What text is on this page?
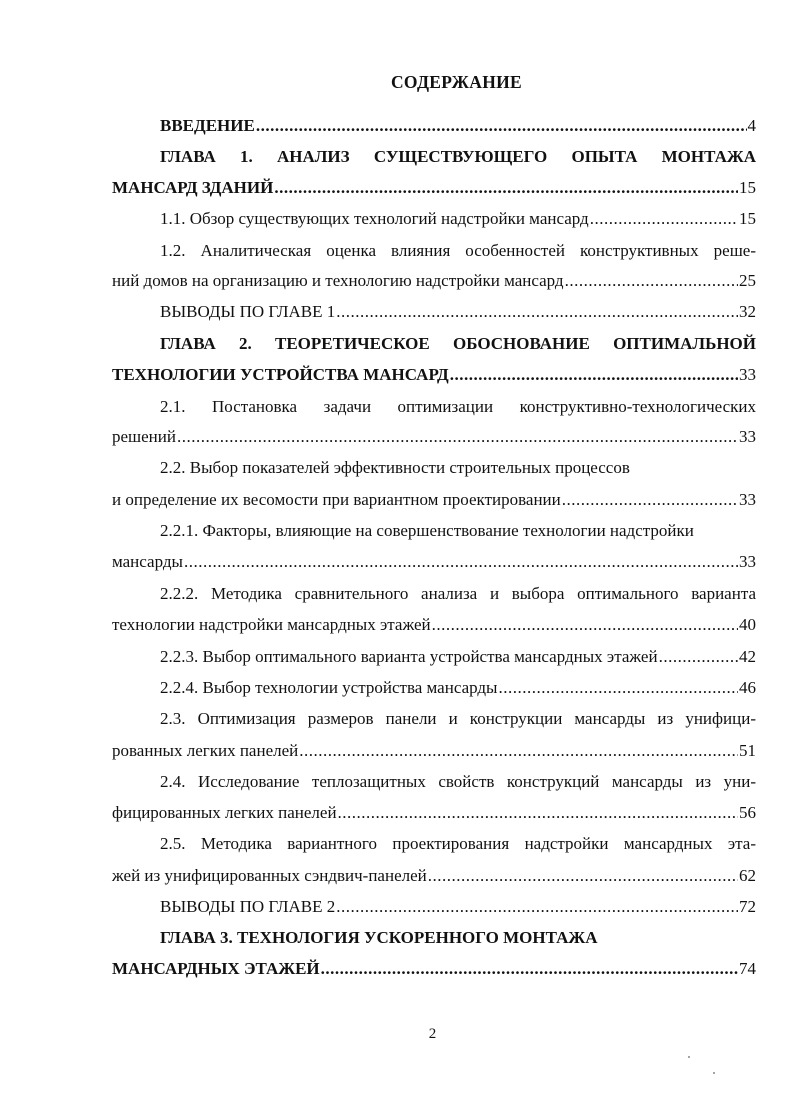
СОДЕРЖАНИЕ
ВВЕДЕНИЕ .....	4
ГЛАВА 1. АНАЛИЗ СУЩЕСТВУЮЩЕГО ОПЫТА МОНТАЖА
МАНСАРД ЗДАНИЙ .....	15
1.1. Обзор существующих технологий надстройки мансард .....	15
1.2. Аналитическая оценка влияния особенностей конструктивных реше-
ний домов на организацию и технологию надстройки мансард .....	25
ВЫВОДЫ ПО ГЛАВЕ 1 .....	32
ГЛАВА 2. ТЕОРЕТИЧЕСКОЕ ОБОСНОВАНИЕ ОПТИМАЛЬНОЙ
ТЕХНОЛОГИИ УСТРОЙСТВА МАНСАРД .....	33
2.1. Постановка задачи оптимизации конструктивно-технологических
решений .....	33
2.2. Выбор показателей эффективности строительных процессов
и определение их весомости при вариантном проектировании .....	33
2.2.1. Факторы, влияющие на совершенствование технологии надстройки
мансарды .....	33
2.2.2. Методика сравнительного анализа и выбора оптимального варианта
технологии надстройки мансардных этажей .....	40
2.2.3. Выбор оптимального варианта устройства мансардных этажей .....	42
2.2.4. Выбор технологии устройства мансарды .....	46
2.3. Оптимизация размеров панели и конструкции мансарды из унифици-
рованных легких панелей .....	51
2.4. Исследование теплозащитных свойств конструкций мансарды из уни-
фицированных легких панелей .....	56
2.5. Методика вариантного проектирования надстройки мансардных эта-
жей из унифицированных сэндвич-панелей .....	62
ВЫВОДЫ ПО ГЛАВЕ 2 .....	72
ГЛАВА 3. ТЕХНОЛОГИЯ УСКОРЕННОГО МОНТАЖА
МАНСАРДНЫХ ЭТАЖЕЙ .....	74
2
